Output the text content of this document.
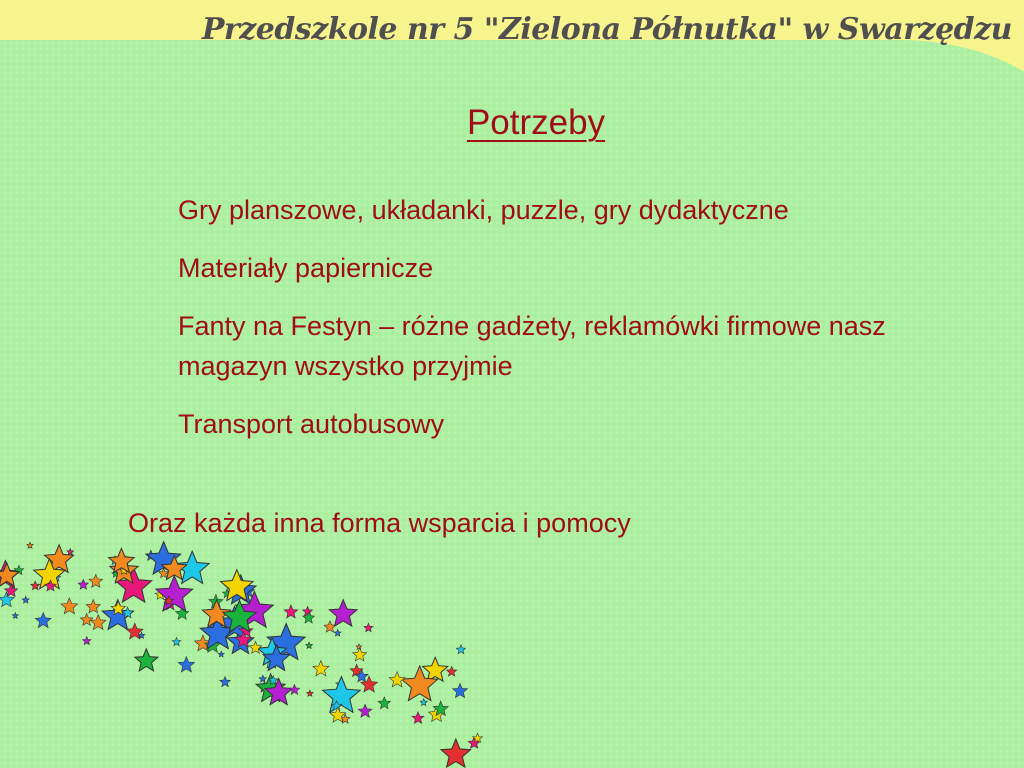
Przedszkole nr 5 "Zielona Półnutka" w Swarzędzu
Potrzeby
Gry planszowe, układanki, puzzle, gry dydaktyczne
Materiały papiernicze
Fanty na Festyn – różne gadżety, reklamówki firmowe nasz magazyn wszystko przyjmie
Transport autobusowy

Oraz każda inna forma wsparcia i pomocy
